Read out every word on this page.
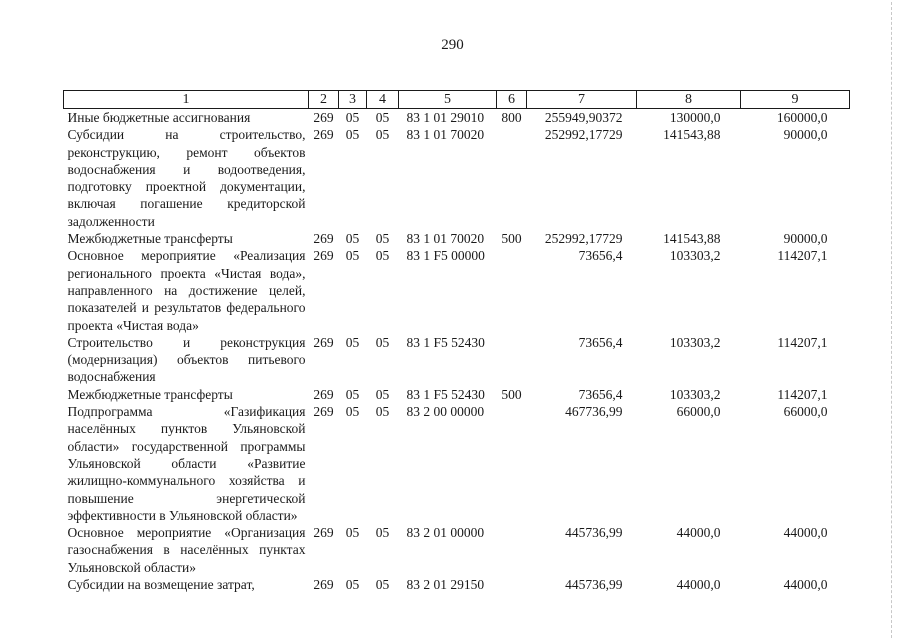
290
1	2	3	4	5	6	7	8	9
Иные бюджетные ассигнования	269	05	05	83 1 01 29010	800	255949,90372	130000,0	160000,0
Субсидии на строительство, реконструкцию, ремонт объектов водоснабжения и водоотведения, подготовку проектной документации, включая погашение кредиторской задолженности	269	05	05	83 1 01 70020		252992,17729	141543,88	90000,0
Межбюджетные трансферты	269	05	05	83 1 01 70020	500	252992,17729	141543,88	90000,0
Основное мероприятие «Реализация регионального проекта «Чистая вода», направленного на достижение целей, показателей и результатов федерального проекта «Чистая вода»	269	05	05	83 1 F5 00000		73656,4	103303,2	114207,1
Строительство и реконструкция (модернизация) объектов питьевого водоснабжения	269	05	05	83 1 F5 52430		73656,4	103303,2	114207,1
Межбюджетные трансферты	269	05	05	83 1 F5 52430	500	73656,4	103303,2	114207,1
Подпрограмма «Газификация населённых пунктов Ульяновской области» государственной программы Ульяновской области «Развитие жилищно-коммунального хозяйства и повышение энергетической эффективности в Ульяновской области»	269	05	05	83 2 00 00000		467736,99	66000,0	66000,0
Основное мероприятие «Организация газоснабжения в населённых пунктах Ульяновской области»	269	05	05	83 2 01 00000		445736,99	44000,0	44000,0
Субсидии на возмещение затрат,	269	05	05	83 2 01 29150		445736,99	44000,0	44000,0
